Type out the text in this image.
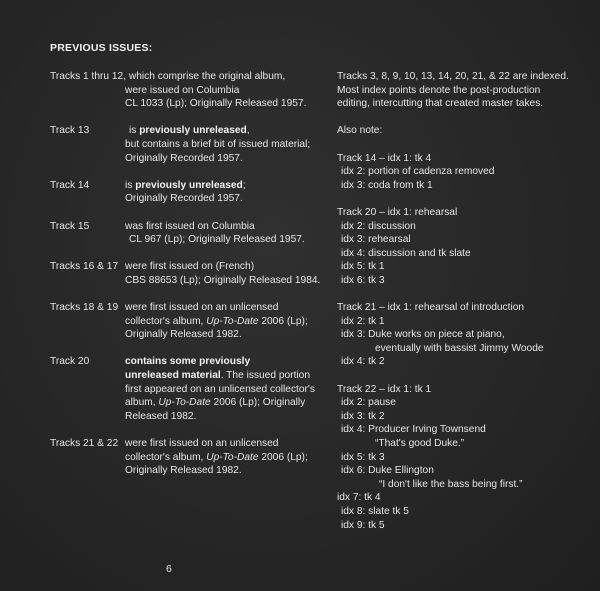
PREVIOUS ISSUES:
Tracks 1 thru 12, which comprise the original album,
were issued on Columbia
CL 1033 (Lp); Originally Released 1957.
Track 13	is previously unreleased,
but contains a brief bit of issued material;
Originally Recorded 1957.
Track 14	is previously unreleased;
Originally Recorded 1957.
Track 15	was first issued on Columbia
CL 967 (Lp); Originally Released 1957.
Tracks 16 & 17 were first issued on (French)
CBS 88653 (Lp); Originally Released 1984.
Tracks 18 & 19 were first issued on an unlicensed
collector's album, Up-To-Date 2006 (Lp);
Originally Released 1982.
Track 20	contains some previously
unreleased material. The issued portion
first appeared on an unlicensed collector's
album, Up-To-Date 2006 (Lp); Originally
Released 1982.
Tracks 21 & 22 were first issued on an unlicensed
collector's album, Up-To-Date 2006 (Lp);
Originally Released 1982.
Tracks 3, 8, 9, 10, 13, 14, 20, 21, & 22 are indexed.
Most index points denote the post-production
editing, intercutting that created master takes.
Also note:
Track 14 – idx 1: tk 4
idx 2: portion of cadenza removed
idx 3: coda from tk 1
Track 20 – idx 1: rehearsal
idx 2: discussion
idx 3: rehearsal
idx 4: discussion and tk slate
idx 5: tk 1
idx 6: tk 3
Track 21 – idx 1: rehearsal of introduction
idx 2: tk 1
idx 3: Duke works on piece at piano,
eventually with bassist Jimmy Woode
idx 4: tk 2
Track 22 – idx 1: tk 1
idx 2: pause
idx 3: tk 2
idx 4: Producer Irving Townsend
“That's good Duke.”
idx 5: tk 3
idx 6: Duke Ellington
“I don't like the bass being first.”
idx 7: tk 4
idx 8: slate tk 5
idx 9: tk 5
6
